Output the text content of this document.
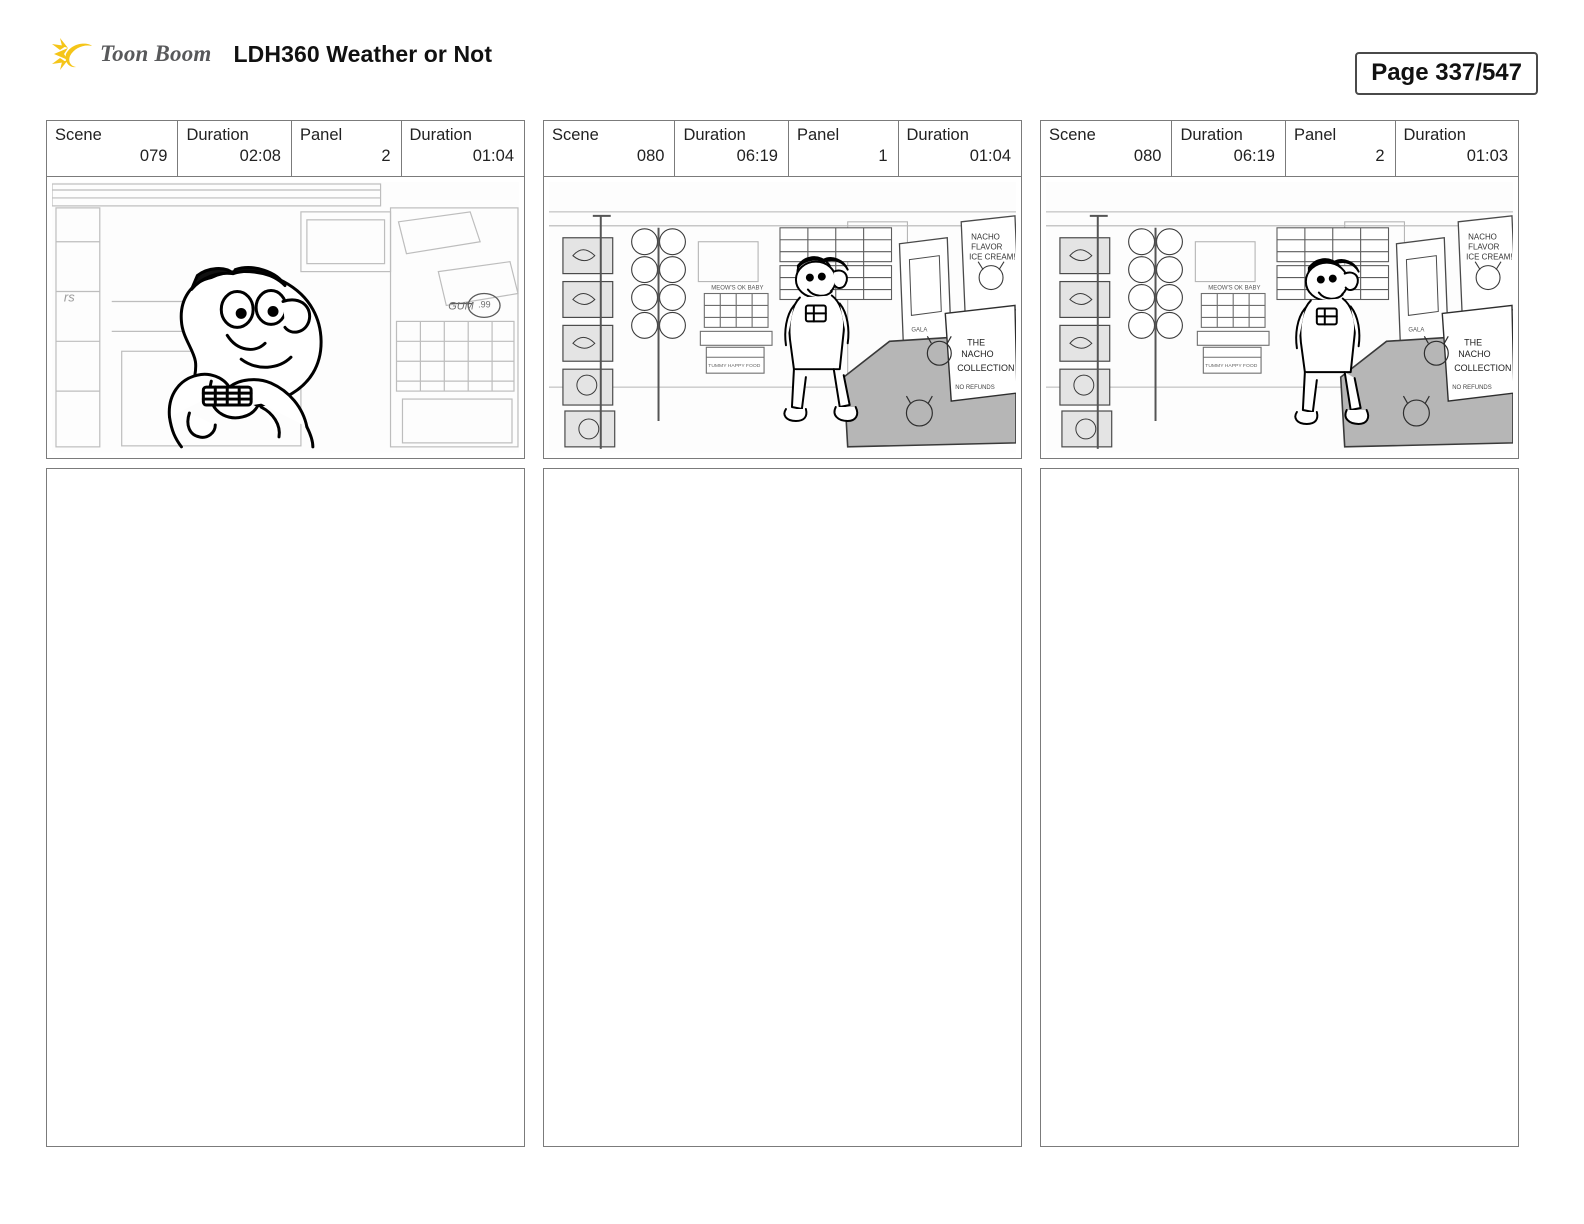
Toon Boom LDH360 Weather or Not
Page 337/547
Scene
079
Duration
02:08
Panel
2
Duration
01:04
GUM .99
rs
Scene
080
Duration
06:19
Panel
1
Duration
01:04
MEOW'S OK BABY
TUMMY HAPPY FOOD
NACHO
FLAVOR
ICE CREAM!
GALA
THE
NACHO
COLLECTION
NO REFUNDS
Scene
080
Duration
06:19
Panel
2
Duration
01:03
MEOW'S OK BABY
TUMMY HAPPY FOOD
NACHO
FLAVOR
ICE CREAM!
GALA
THE
NACHO
COLLECTION
NO REFUNDS
